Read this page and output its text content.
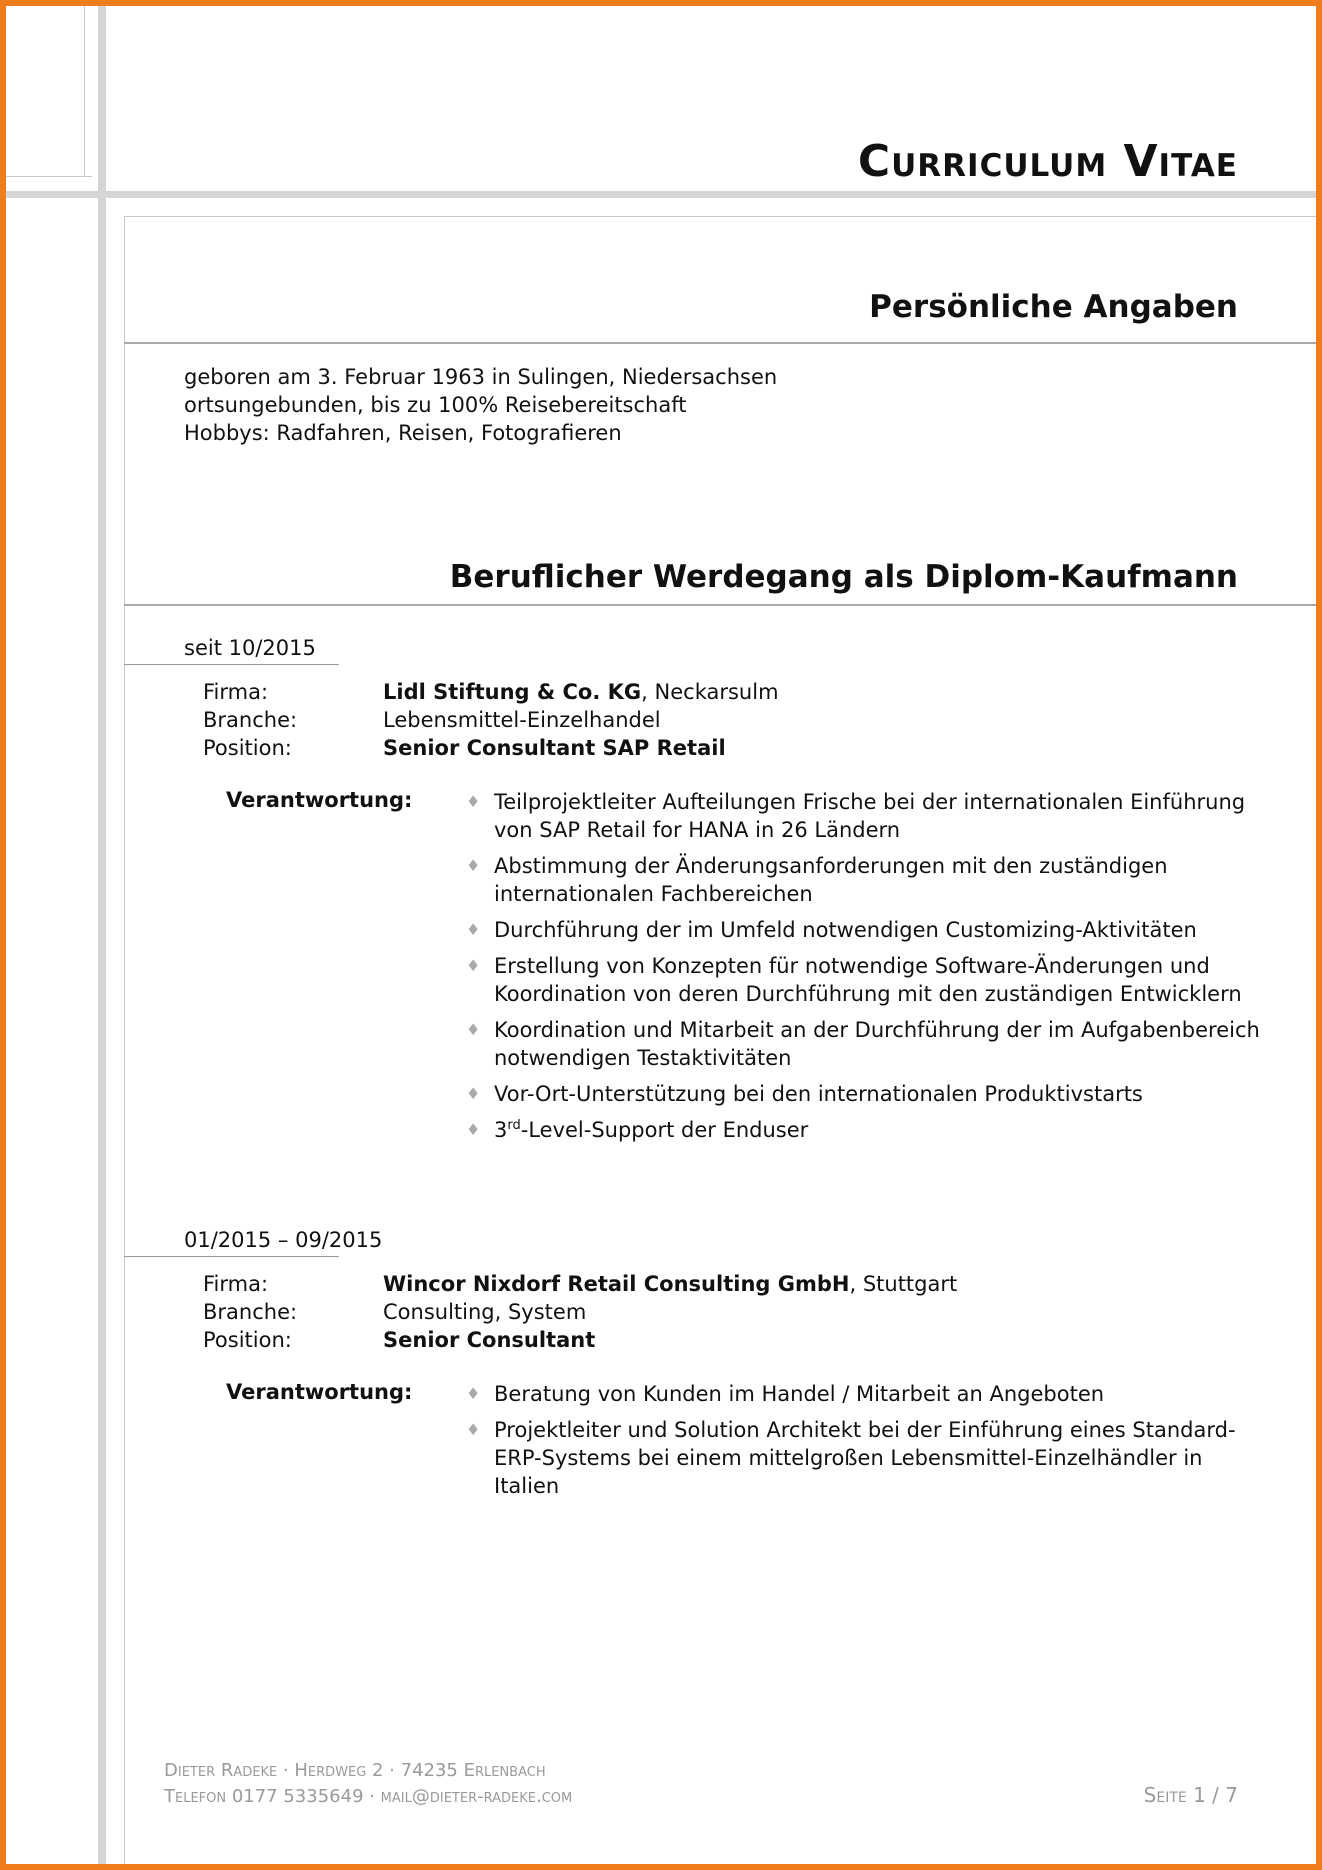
Curriculum Vitae
Persönliche Angaben
geboren am 3. Februar 1963 in Sulingen, Niedersachsen
ortsungebunden, bis zu 100% Reisebereitschaft
Hobbys: Radfahren, Reisen, Fotografieren
Beruflicher Werdegang als Diplom-Kaufmann
seit 10/2015
Firma:	Lidl Stiftung & Co. KG, Neckarsulm
Branche:	Lebensmittel-Einzelhandel
Position:	Senior Consultant SAP Retail
Verantwortung:	♦ Teilprojektleiter Aufteilungen Frische bei der internationalen Einführung von SAP Retail for HANA in 26 Ländern
♦ Abstimmung der Änderungsanforderungen mit den zuständigen internationalen Fachbereichen
♦ Durchführung der im Umfeld notwendigen Customizing-Aktivitäten
♦ Erstellung von Konzepten für notwendige Software-Änderungen und Koordination von deren Durchführung mit den zuständigen Entwicklern
♦ Koordination und Mitarbeit an der Durchführung der im Aufgabenbereich notwendigen Testaktivitäten
♦ Vor-Ort-Unterstützung bei den internationalen Produktivstarts
♦ 3rd-Level-Support der Enduser
01/2015 – 09/2015
Firma:	Wincor Nixdorf Retail Consulting GmbH, Stuttgart
Branche:	Consulting, System
Position:	Senior Consultant
Verantwortung:	♦ Beratung von Kunden im Handel / Mitarbeit an Angeboten
♦ Projektleiter und Solution Architekt bei der Einführung eines Standard-ERP-Systems bei einem mittelgroßen Lebensmittel-Einzelhändler in Italien
Dieter Radeke · Herdweg 2 · 74235 Erlenbach
Telefon 0177 5335649 · mail@dieter-radeke.com	Seite 1 / 7
